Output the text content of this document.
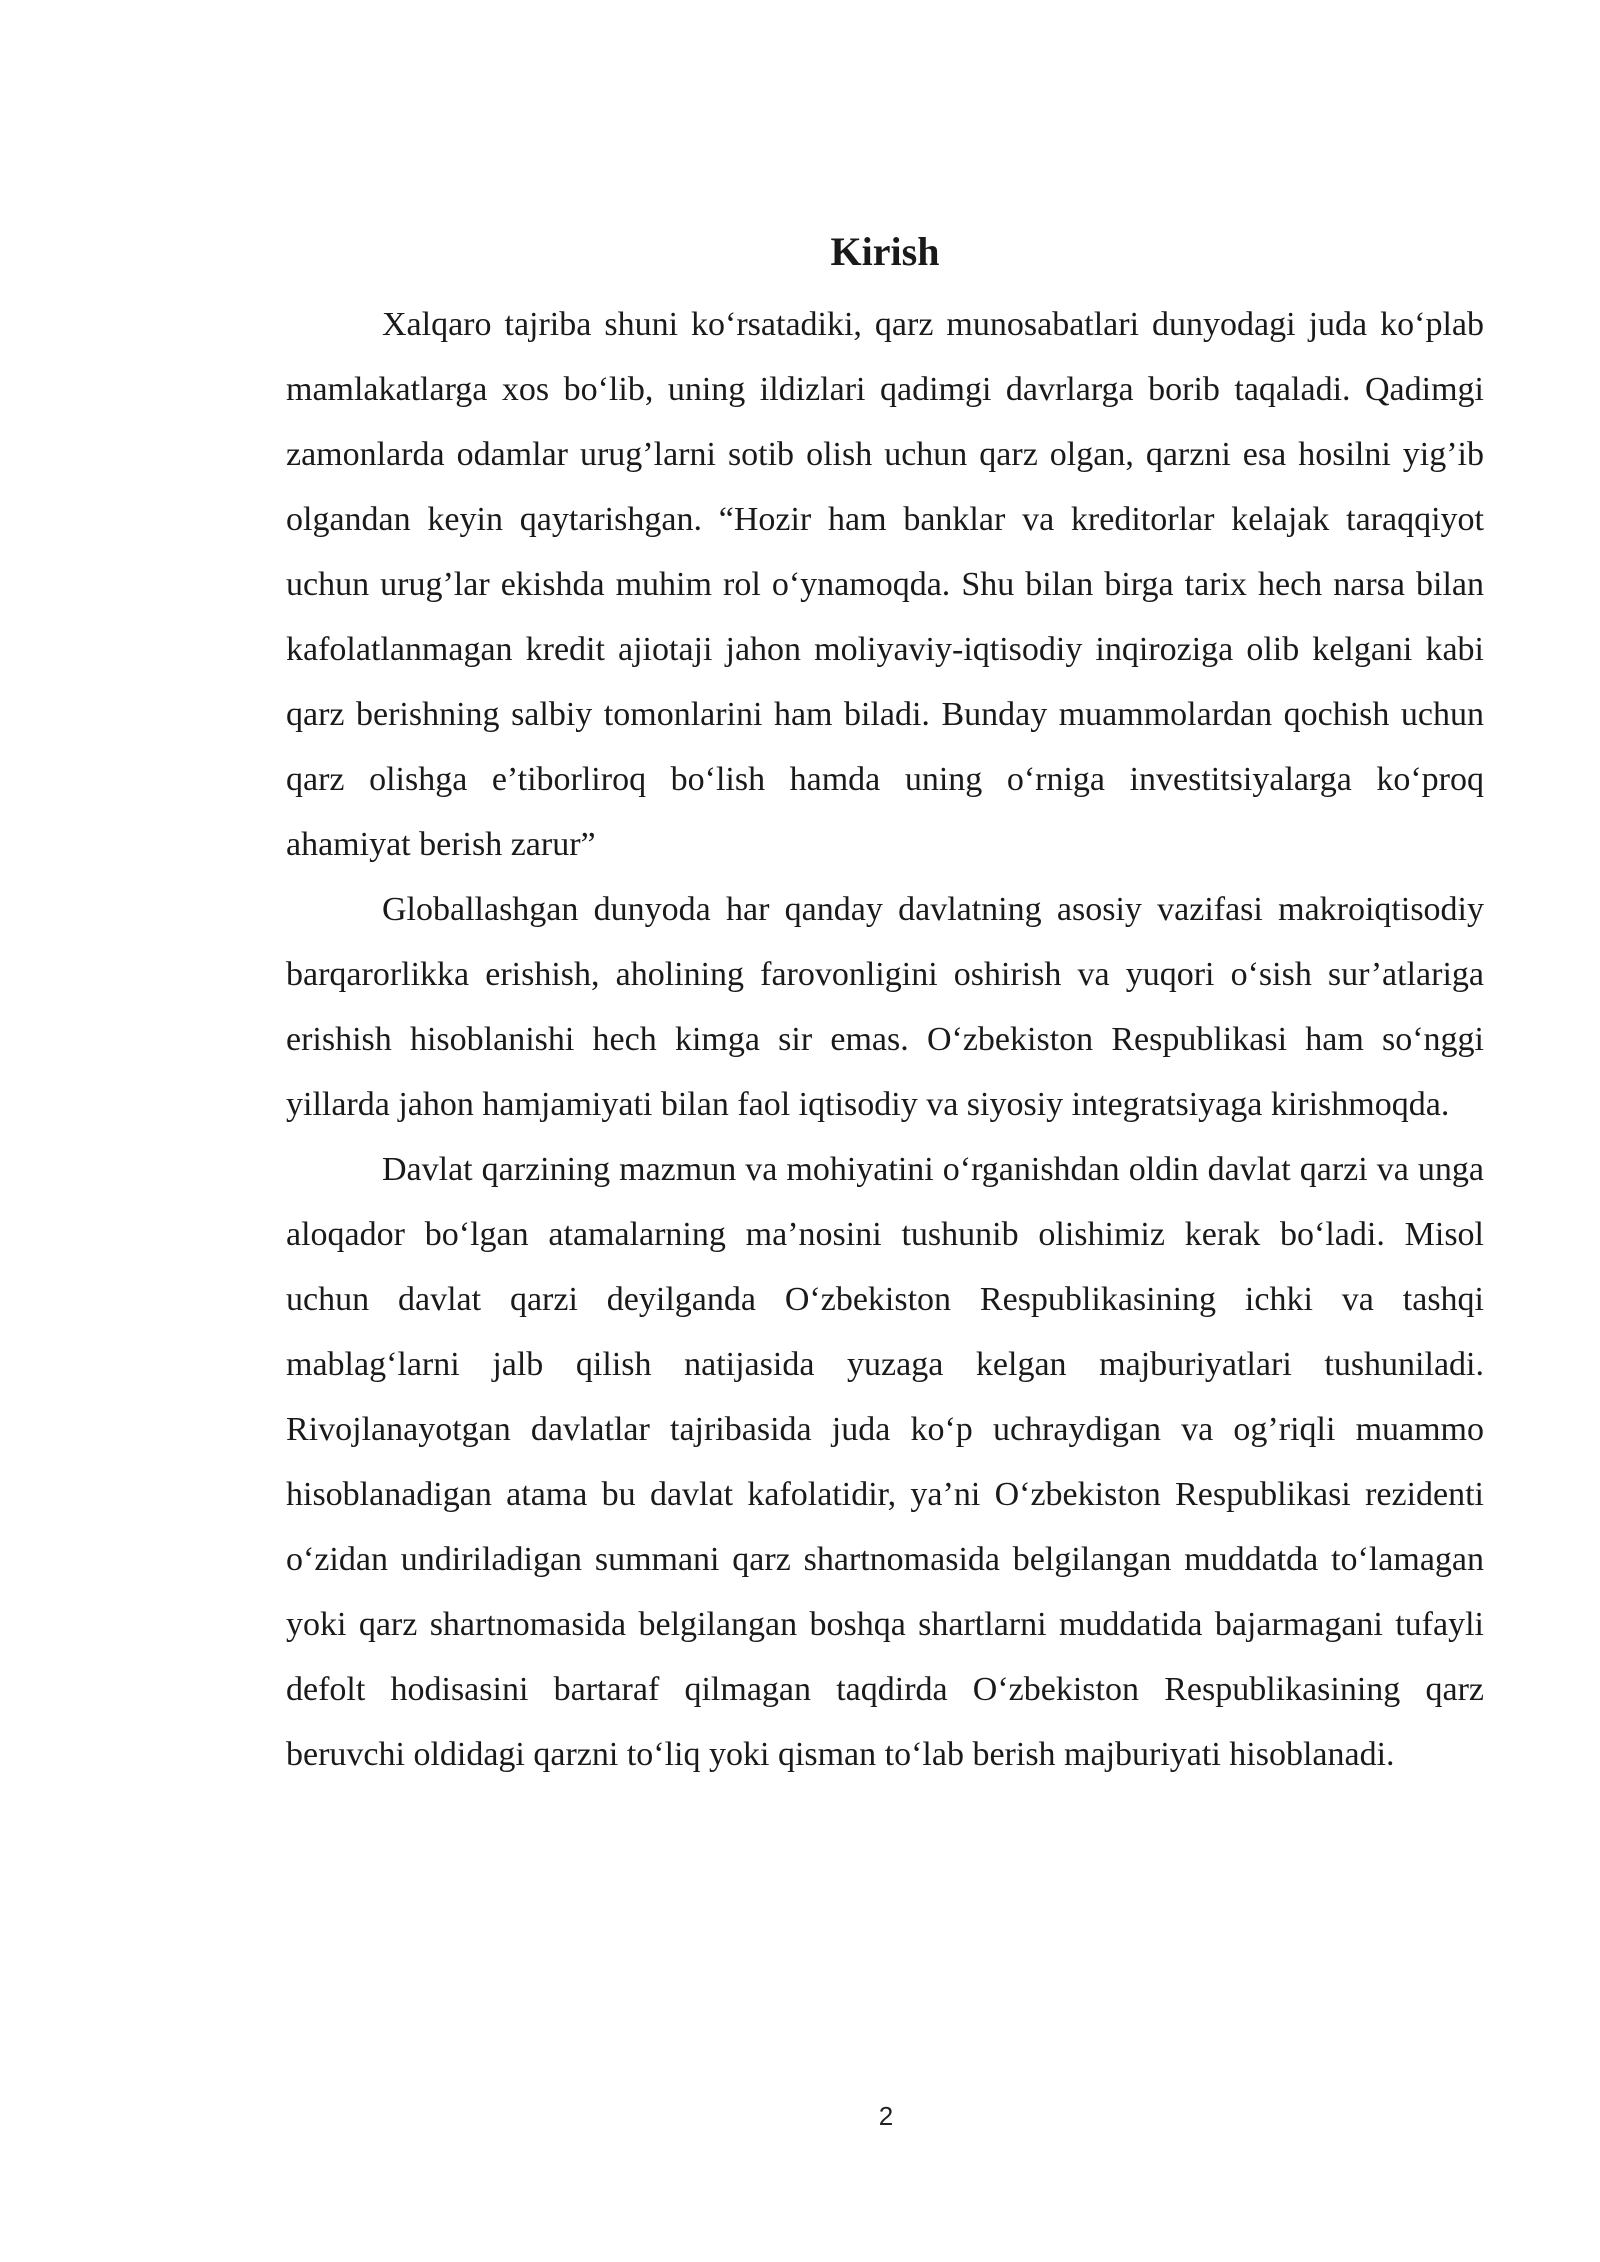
Kirish

Xalqaro tajriba shuni ko‘rsatadiki, qarz munosabatlari dunyodagi juda ko‘plab mamlakatlarga xos bo‘lib, uning ildizlari qadimgi davrlarga borib taqaladi. Qadimgi zamonlarda odamlar urug’larni sotib olish uchun qarz olgan, qarzni esa hosilni yig’ib olgandan keyin qaytarishgan. “Hozir ham banklar va kreditorlar kelajak taraqqiyot uchun urug’lar ekishda muhim rol o‘ynamoqda. Shu bilan birga tarix hech narsa bilan kafolatlanmagan kredit ajiotaji jahon moliyaviy-iqtisodiy inqiroziga olib kelgani kabi qarz berishning salbiy tomonlarini ham biladi. Bunday muammolardan qochish uchun qarz olishga e’tiborliroq bo‘lish hamda uning o‘rniga investitsiyalarga ko‘proq ahamiyat berish zarur”

Globallashgan dunyoda har qanday davlatning asosiy vazifasi makroiqtisodiy barqarorlikka erishish, aholining farovonligini oshirish va yuqori o‘sish sur’atlariga erishish hisoblanishi hech kimga sir emas. O‘zbekiston Respublikasi ham so‘nggi yillarda jahon hamjamiyati bilan faol iqtisodiy va siyosiy integratsiyaga kirishmoqda.

Davlat qarzining mazmun va mohiyatini o‘rganishdan oldin davlat qarzi va unga aloqador bo‘lgan atamalarning ma’nosini tushunib olishimiz kerak bo‘ladi. Misol uchun davlat qarzi deyilganda O‘zbekiston Respublikasining ichki va tashqi mablag‘larni jalb qilish natijasida yuzaga kelgan majburiyatlari tushuniladi. Rivojlanayotgan davlatlar tajribasida juda ko‘p uchraydigan va og’riqli muammo hisoblanadigan atama bu davlat kafolatidir, ya’ni O‘zbekiston Respublikasi rezidenti o‘zidan undiriladigan summani qarz shartnomasida belgilangan muddatda to‘lamagan yoki qarz shartnomasida belgilangan boshqa shartlarni muddatida bajarmagani tufayli defolt hodisasini bartaraf qilmagan taqdirda O‘zbekiston Respublikasining qarz beruvchi oldidagi qarzni to‘liq yoki qisman to‘lab berish majburiyati hisoblanadi.

2
